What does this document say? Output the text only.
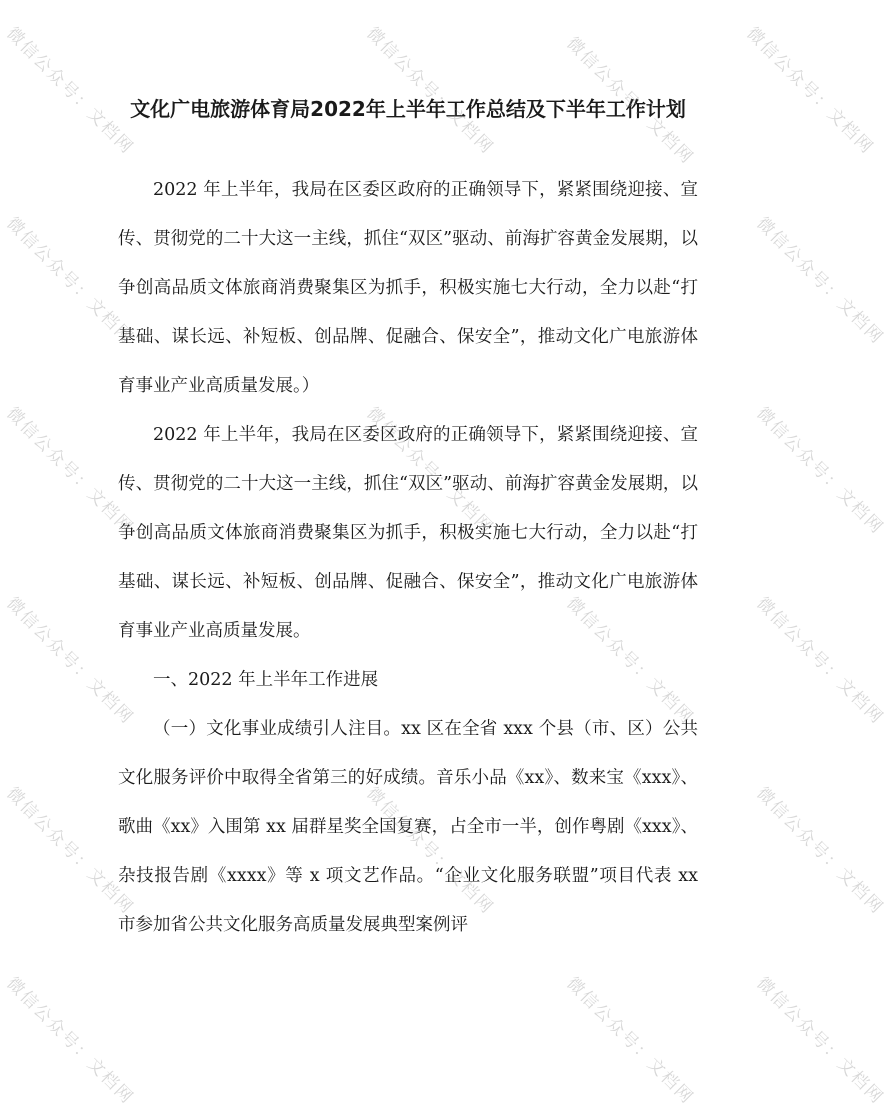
文化广电旅游体育局2022年上半年工作总结及下半年工作计划

2022 年上半年，我局在区委区政府的正确领导下，紧紧围绕迎接、宣传、贯彻党的二十大这一主线，抓住“双区”驱动、前海扩容黄金发展期，以争创高品质文体旅商消费聚集区为抓手，积极实施七大行动，全力以赴“打基础、谋长远、补短板、创品牌、促融合、保安全”，推动文化广电旅游体育事业产业高质量发展。）

2022 年上半年，我局在区委区政府的正确领导下，紧紧围绕迎接、宣传、贯彻党的二十大这一主线，抓住“双区”驱动、前海扩容黄金发展期，以争创高品质文体旅商消费聚集区为抓手，积极实施七大行动，全力以赴“打基础、谋长远、补短板、创品牌、促融合、保安全”，推动文化广电旅游体育事业产业高质量发展。

一、2022 年上半年工作进展

（一）文化事业成绩引人注目。xx 区在全省 xxx 个县（市、区）公共文化服务评价中取得全省第三的好成绩。音乐小品《xx》、数来宝《xxx》、歌曲《xx》入围第 xx 届群星奖全国复赛，占全市一半，创作粤剧《xxx》、杂技报告剧《xxxx》等 x 项文艺作品。“企业文化服务联盟”项目代表 xx 市参加省公共文化服务高质量发展典型案例评

微信公众号：文档网	微信公众号：文档网	微信公众号：文档网
微信公众号：文档网
微信公众号：文档网
微信公众号：文档网
微信公众号：文档网	微信公众号：文档网	微信公众号：文档网
微信公众号：文档网	微信公众号：文档网	微信公众号：文档网
微信公众号：文档网	微信公众号：文档网	微信公众号：文档网
微信公众号：文档网	微信公众号：文档网	微信公众号：文档网
